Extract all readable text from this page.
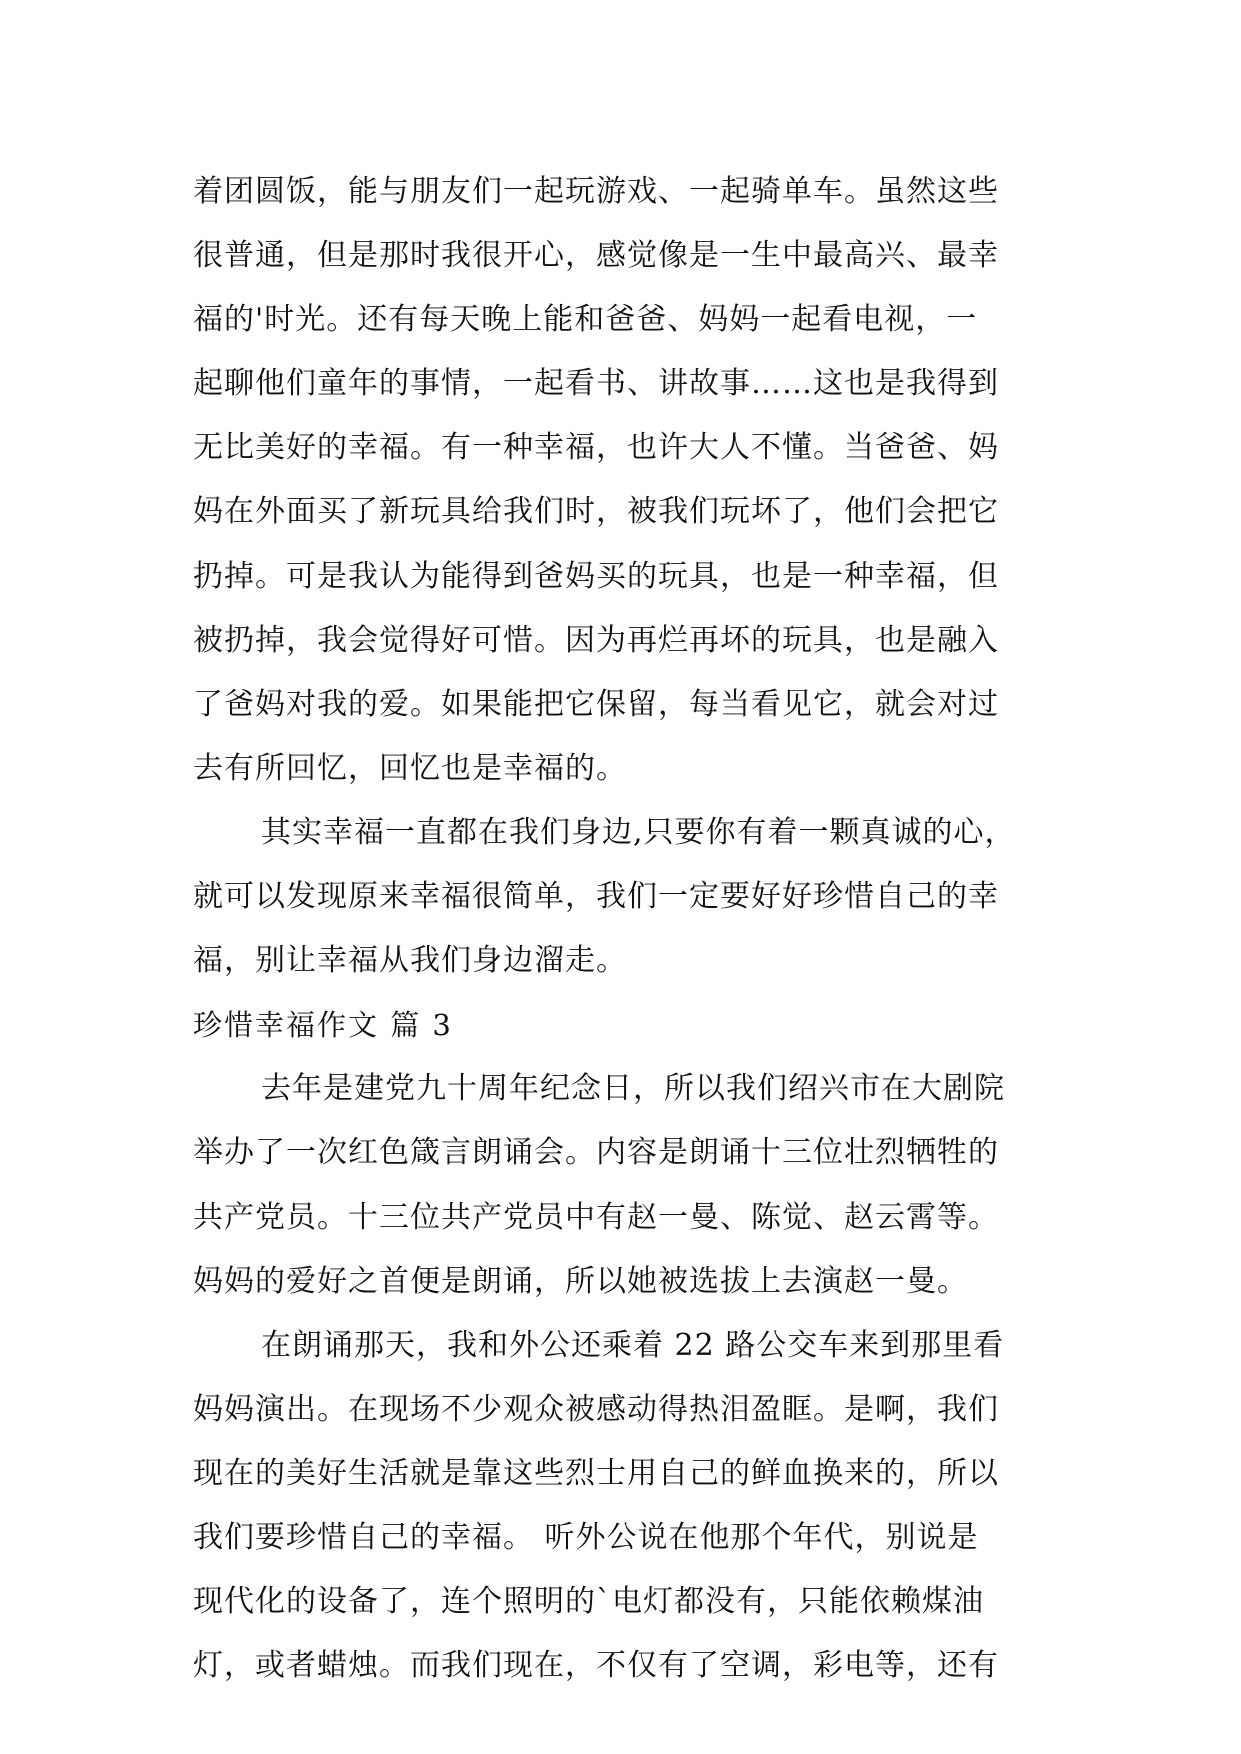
着团圆饭，能与朋友们一起玩游戏、一起骑单车。虽然这些
很普通，但是那时我很开心，感觉像是一生中最高兴、最幸
福的'时光。还有每天晚上能和爸爸、妈妈一起看电视，一
起聊他们童年的事情，一起看书、讲故事……这也是我得到
无比美好的幸福。有一种幸福，也许大人不懂。当爸爸、妈
妈在外面买了新玩具给我们时，被我们玩坏了，他们会把它
扔掉。可是我认为能得到爸妈买的玩具，也是一种幸福，但
被扔掉，我会觉得好可惜。因为再烂再坏的玩具，也是融入
了爸妈对我的爱。如果能把它保留，每当看见它，就会对过
去有所回忆，回忆也是幸福的。
其实幸福一直都在我们身边,只要你有着一颗真诚的心，
就可以发现原来幸福很简单，我们一定要好好珍惜自己的幸
福，别让幸福从我们身边溜走。
珍惜幸福作文 篇 3
去年是建党九十周年纪念日，所以我们绍兴市在大剧院
举办了一次红色箴言朗诵会。内容是朗诵十三位壮烈牺牲的
共产党员。十三位共产党员中有赵一曼、陈觉、赵云霄等。
妈妈的爱好之首便是朗诵，所以她被选拔上去演赵一曼。
在朗诵那天，我和外公还乘着 22 路公交车来到那里看
妈妈演出。在现场不少观众被感动得热泪盈眶。是啊，我们
现在的美好生活就是靠这些烈士用自己的鲜血换来的，所以
我们要珍惜自己的幸福。 听外公说在他那个年代，别说是
现代化的设备了，连个照明的`电灯都没有，只能依赖煤油
灯，或者蜡烛。而我们现在，不仅有了空调，彩电等，还有
